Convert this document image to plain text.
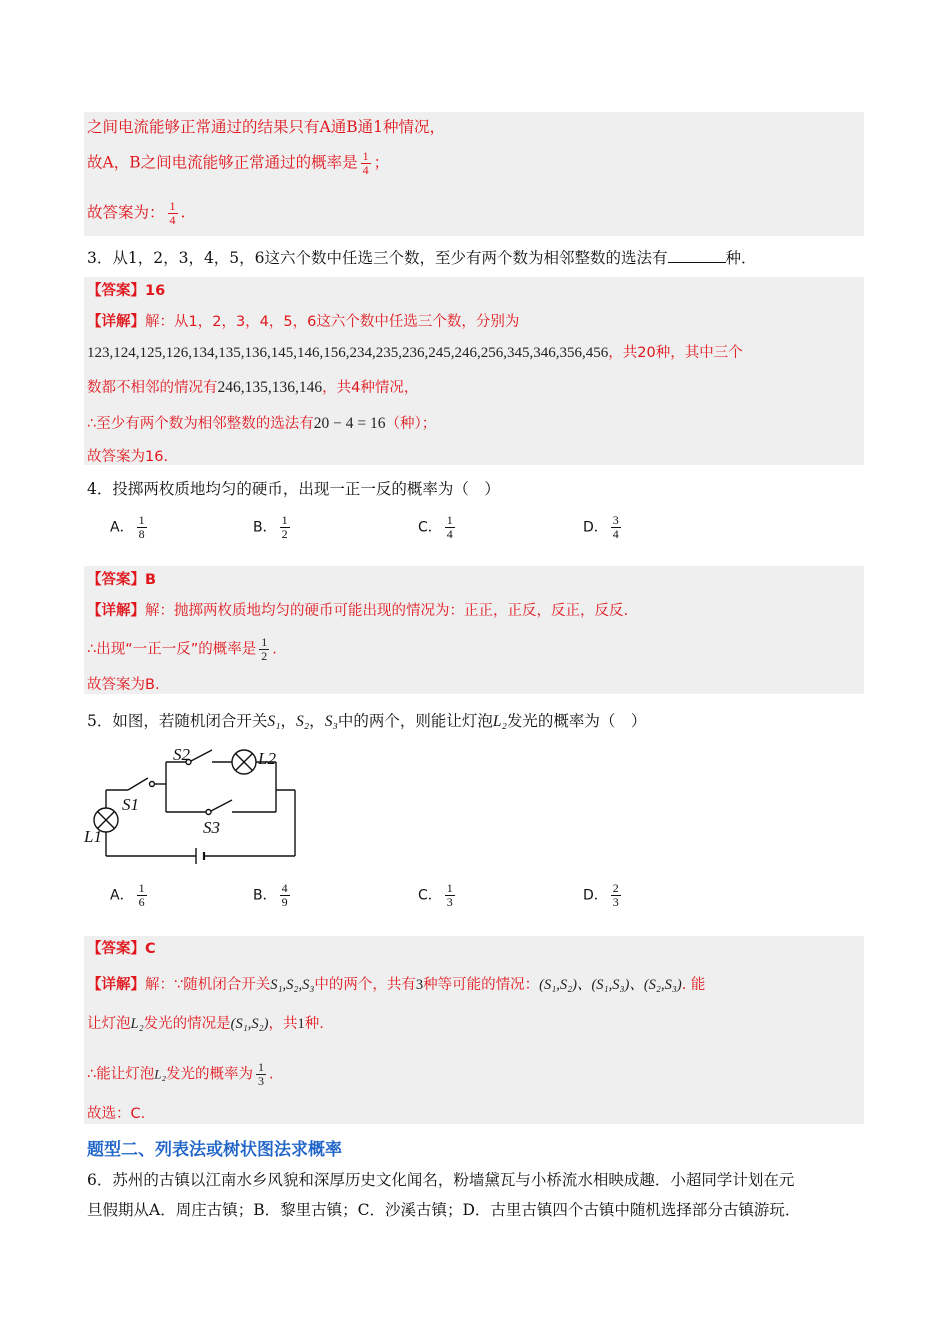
之间电流能够正常通过的结果只有A通B通1种情况，
故A，B之间电流能够正常通过的概率是 $\frac{1}{4}$ ；
故答案为： $\frac{1}{4}$ .
3．从1，2，3，4，5，6这六个数中任选三个数，至少有两个数为相邻整数的选法有	种．
【答案】16
【详解】解：从1，2，3，4，5，6这六个数中任选三个数，分别为
123,124,125,126,134,135,136,145,146,156,234,235,236,245,246,256,345,346,356,456，共20种，其中三个
数都不相邻的情况有246,135,136,146，共4种情况，
∴至少有两个数为相邻整数的选法有20 − 4 = 16（种）；
故答案为16.
4．投掷两枚质地均匀的硬币，出现一正一反的概率为（　）
A． $\frac{1}{8}$	B． $\frac{1}{2}$	C． $\frac{1}{4}$	D． $\frac{3}{4}$
【答案】B
【详解】解：抛掷两枚质地均匀的硬币可能出现的情况为：正正，正反，反正，反反.
∴出现“一正一反”的概率是 $\frac{1}{2}$ .
故答案为B.
5．如图，若随机闭合开关S₁，S₂，S₃中的两个，则能让灯泡L₂发光的概率为（　）
S2	L2
S1
S3
L1
A． $\frac{1}{6}$	B． $\frac{4}{9}$	C． $\frac{1}{3}$	D． $\frac{2}{3}$
【答案】C
【详解】解：∵随机闭合开关S₁,S₂,S₃中的两个，共有3种等可能的情况：(S₁,S₂)、(S₁,S₃)、(S₂,S₃). 能
让灯泡L₂发光的情况是(S₁,S₂)，共1种.
∴能让灯泡L₂发光的概率为 $\frac{1}{3}$ .
故选：C.
题型二、列表法或树状图法求概率
6．苏州的古镇以江南水乡风貌和深厚历史文化闻名，粉墙黛瓦与小桥流水相映成趣．小超同学计划在元
旦假期从A．周庄古镇；B．黎里古镇；C．沙溪古镇；D．古里古镇四个古镇中随机选择部分古镇游玩．
